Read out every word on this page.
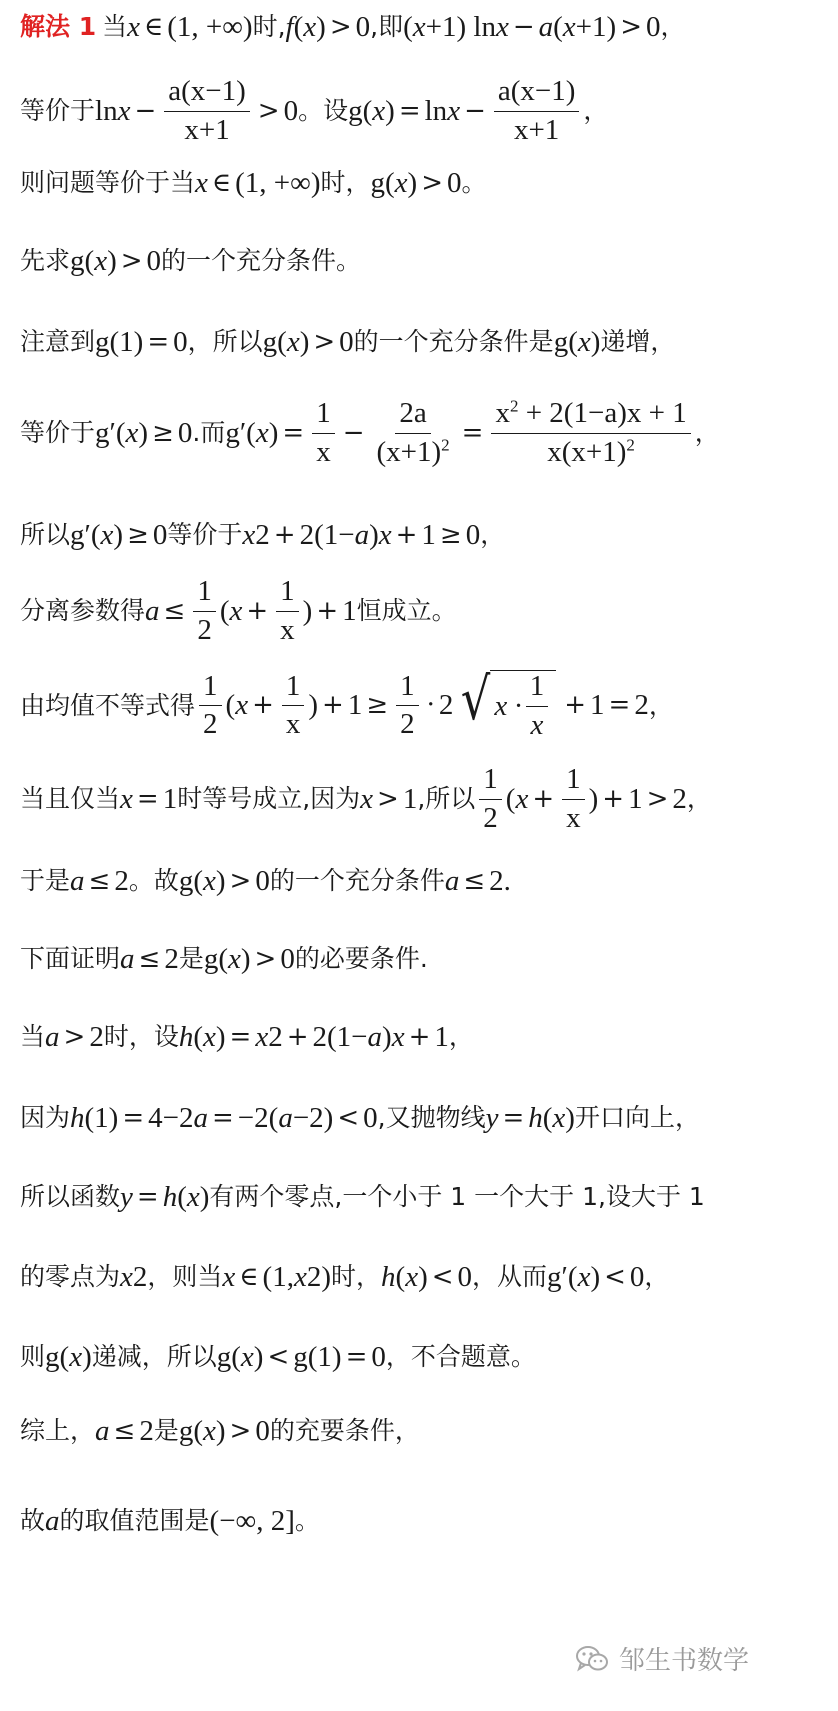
解法 1 当 x ∈ (1, +∞) 时, f ( x ) > 0 ,即 ( x +1) ln x − a ( x +1) > 0 ，
等价于 $\ln x - \frac{a(x-1)}{x+1} > 0$ 。设 g( x ) = $\ln x - \frac{a(x-1)}{x+1}$ ，
则问题等价于当 x ∈ (1, +∞) 时， g( x ) > 0 。
先求 g( x ) > 0 的一个充分条件。
注意到 g(1) = 0 ，所以 g( x ) > 0 的一个充分条件是 g( x ) 递增，
等价于 g′( x ) ≥ 0 .而 g′( x ) = $\frac{1}{x} - \frac{2a}{(x+1)^2} = \frac{x^2 + 2(1-a)x + 1}{x(x+1)^2}$ ，
所以 g′( x ) ≥ 0 等价于 x 2 + 2(1− a ) x + 1 ≥ 0 ，
分离参数得 $a \le \frac{1}{2}$ ( $x + \frac{1}{x}$ ) + 1 恒成立。
由均值不等式得 $\frac{1}{2}$ ( $x + \frac{1}{x}$ ) + $1 \ge \frac{1}{2} \cdot 2$ √ $x \cdot \frac{1}{x} + 1 = 2$ ，
当且仅当 x = 1 时等号成立,因为 x > 1 ,所以 $\frac{1}{2}$ ( $x + \frac{1}{x}$ ) + 1 > 2 ，
于是 a ≤ 2 。故 g( x ) > 0 的一个充分条件 a ≤ 2.
下面证明 a ≤ 2 是 g( x ) > 0 的必要条件.
当 a > 2 时，设 h ( x ) = x 2 + 2(1− a ) x + 1 ，
因为 h (1) = 4−2 a = −2( a −2) < 0 ,又抛物线 y = h ( x ) 开口向上，
所以函数 y = h ( x ) 有两个零点,一个小于 1 一个大于 1,设大于 1
的零点为 x 2 ，则当 x ∈ (1, x 2 ) 时， h ( x ) < 0 ，从而 g′( x ) < 0 ，
则 g( x ) 递减，所以 g( x ) < g(1) = 0 ，不合题意。
综上， a ≤ 2 是 g( x ) > 0 的充要条件，
故 a 的取值范围是 (−∞, 2] 。
邹生书数学
